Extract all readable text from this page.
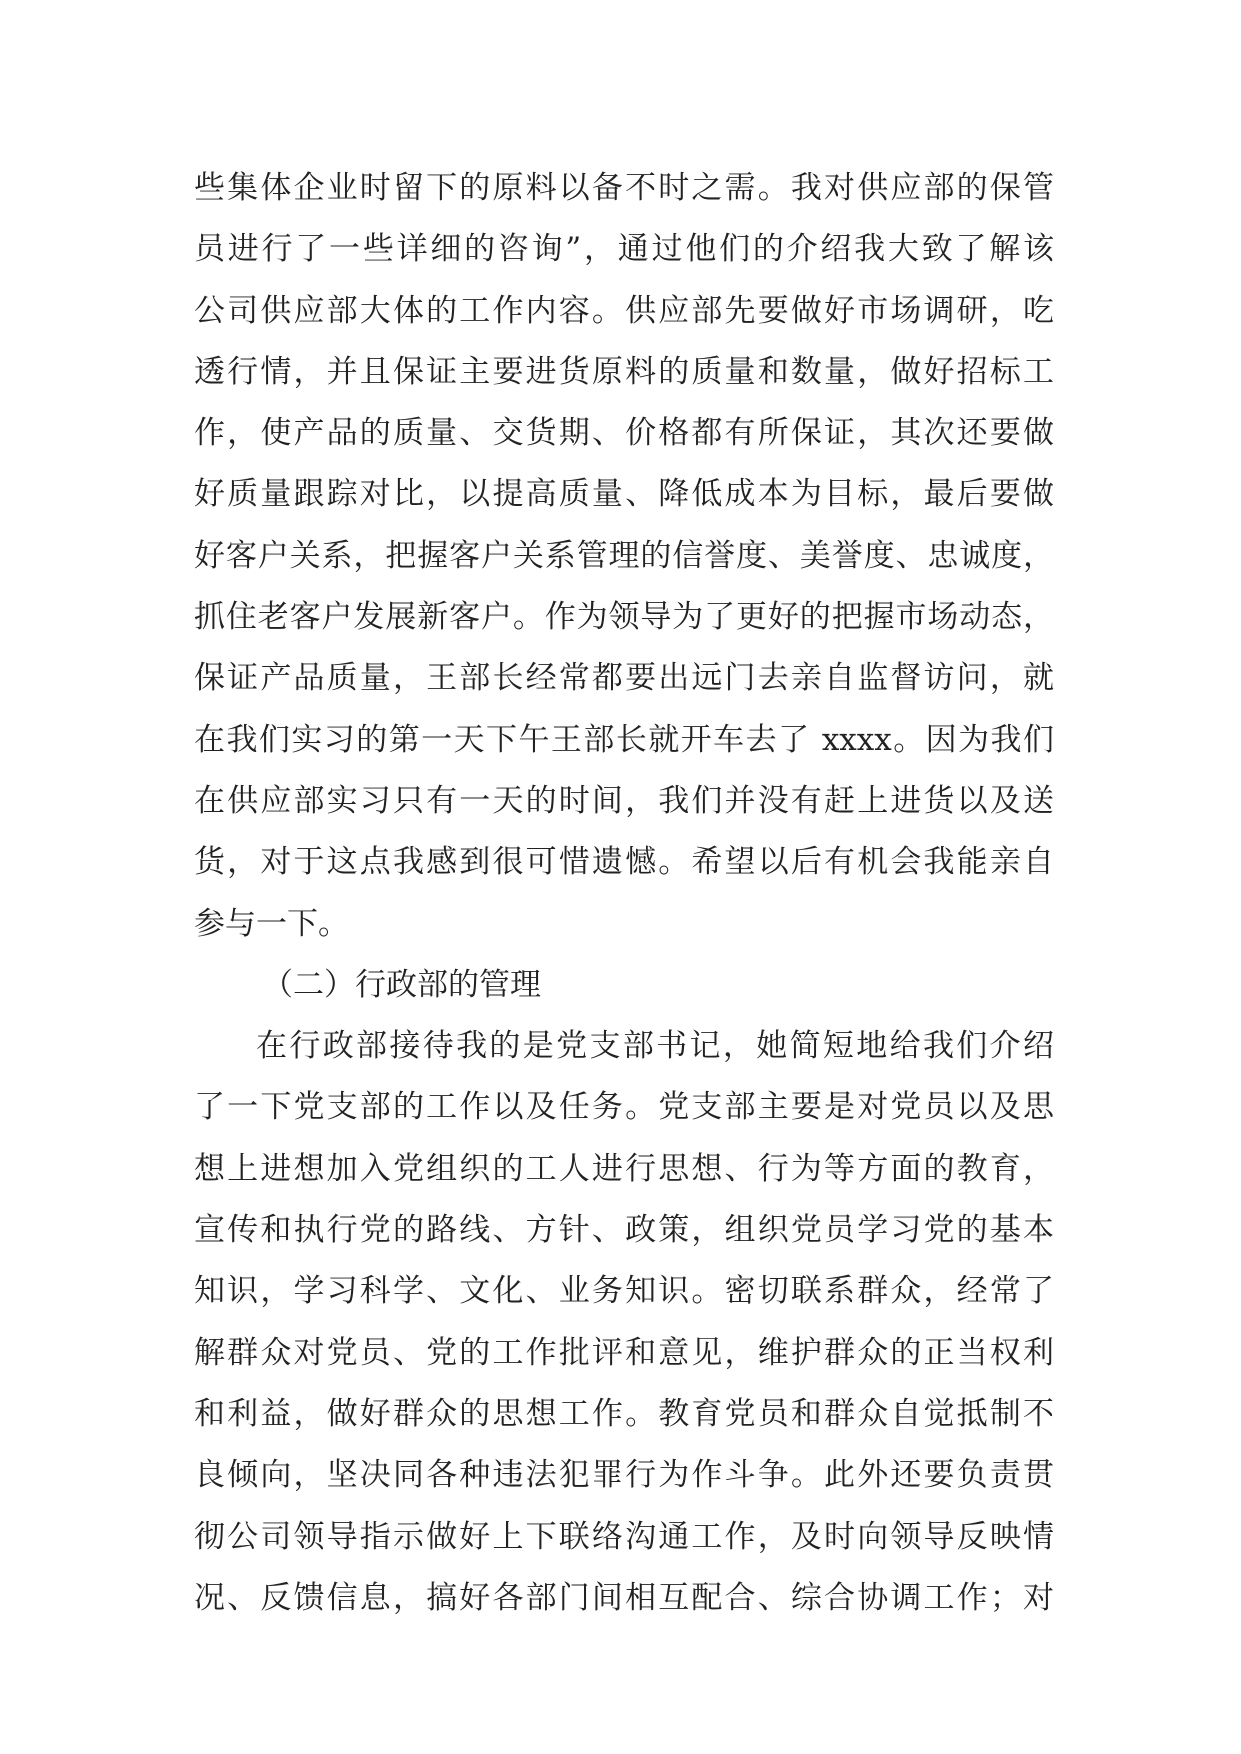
些集体企业时留下的原料以备不时之需。我对供应部的保管
员进行了一些详细的咨询”，通过他们的介绍我大致了解该
公司供应部大体的工作内容。供应部先要做好市场调研，吃
透行情，并且保证主要进货原料的质量和数量，做好招标工
作，使产品的质量、交货期、价格都有所保证，其次还要做
好质量跟踪对比，以提高质量、降低成本为目标，最后要做
好客户关系，把握客户关系管理的信誉度、美誉度、忠诚度，
抓住老客户发展新客户。作为领导为了更好的把握市场动态，
保证产品质量，王部长经常都要出远门去亲自监督访问，就
在我们实习的第一天下午王部长就开车去了 xxxx。因为我们
在供应部实习只有一天的时间，我们并没有赶上进货以及送
货，对于这点我感到很可惜遗憾。希望以后有机会我能亲自
参与一下。
（二）行政部的管理
在行政部接待我的是党支部书记，她简短地给我们介绍
了一下党支部的工作以及任务。党支部主要是对党员以及思
想上进想加入党组织的工人进行思想、行为等方面的教育，
宣传和执行党的路线、方针、政策，组织党员学习党的基本
知识，学习科学、文化、业务知识。密切联系群众，经常了
解群众对党员、党的工作批评和意见，维护群众的正当权利
和利益，做好群众的思想工作。教育党员和群众自觉抵制不
良倾向，坚决同各种违法犯罪行为作斗争。此外还要负责贯
彻公司领导指示做好上下联络沟通工作，及时向领导反映情
况、反馈信息，搞好各部门间相互配合、综合协调工作；对
